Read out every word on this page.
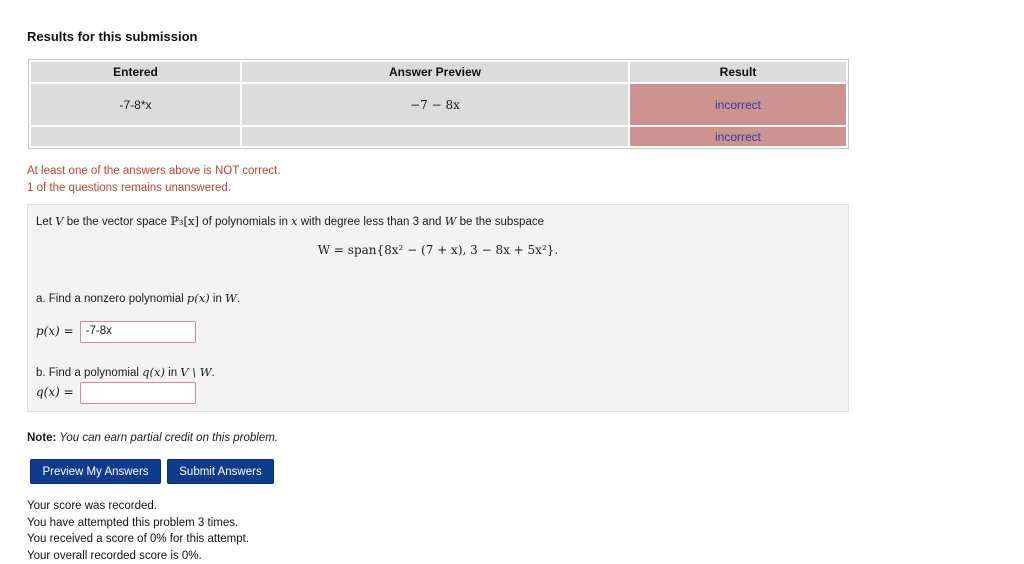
Results for this submission
Entered	Answer Preview	Result
-7-8*x	−7 − 8x	incorrect
		incorrect
At least one of the answers above is NOT correct.
1 of the questions remains unanswered.
Let V be the vector space ℙ₃[x] of polynomials in x with degree less than 3 and W be the subspace
W = span{8x² − (7 + x), 3 − 8x + 5x²}.
a. Find a nonzero polynomial p(x) in W.
p(x) = -7-8x
b. Find a polynomial q(x) in V \ W.
q(x) =
Note: You can earn partial credit on this problem.
Preview My Answers	Submit Answers
Your score was recorded.
You have attempted this problem 3 times.
You received a score of 0% for this attempt.
Your overall recorded score is 0%.
